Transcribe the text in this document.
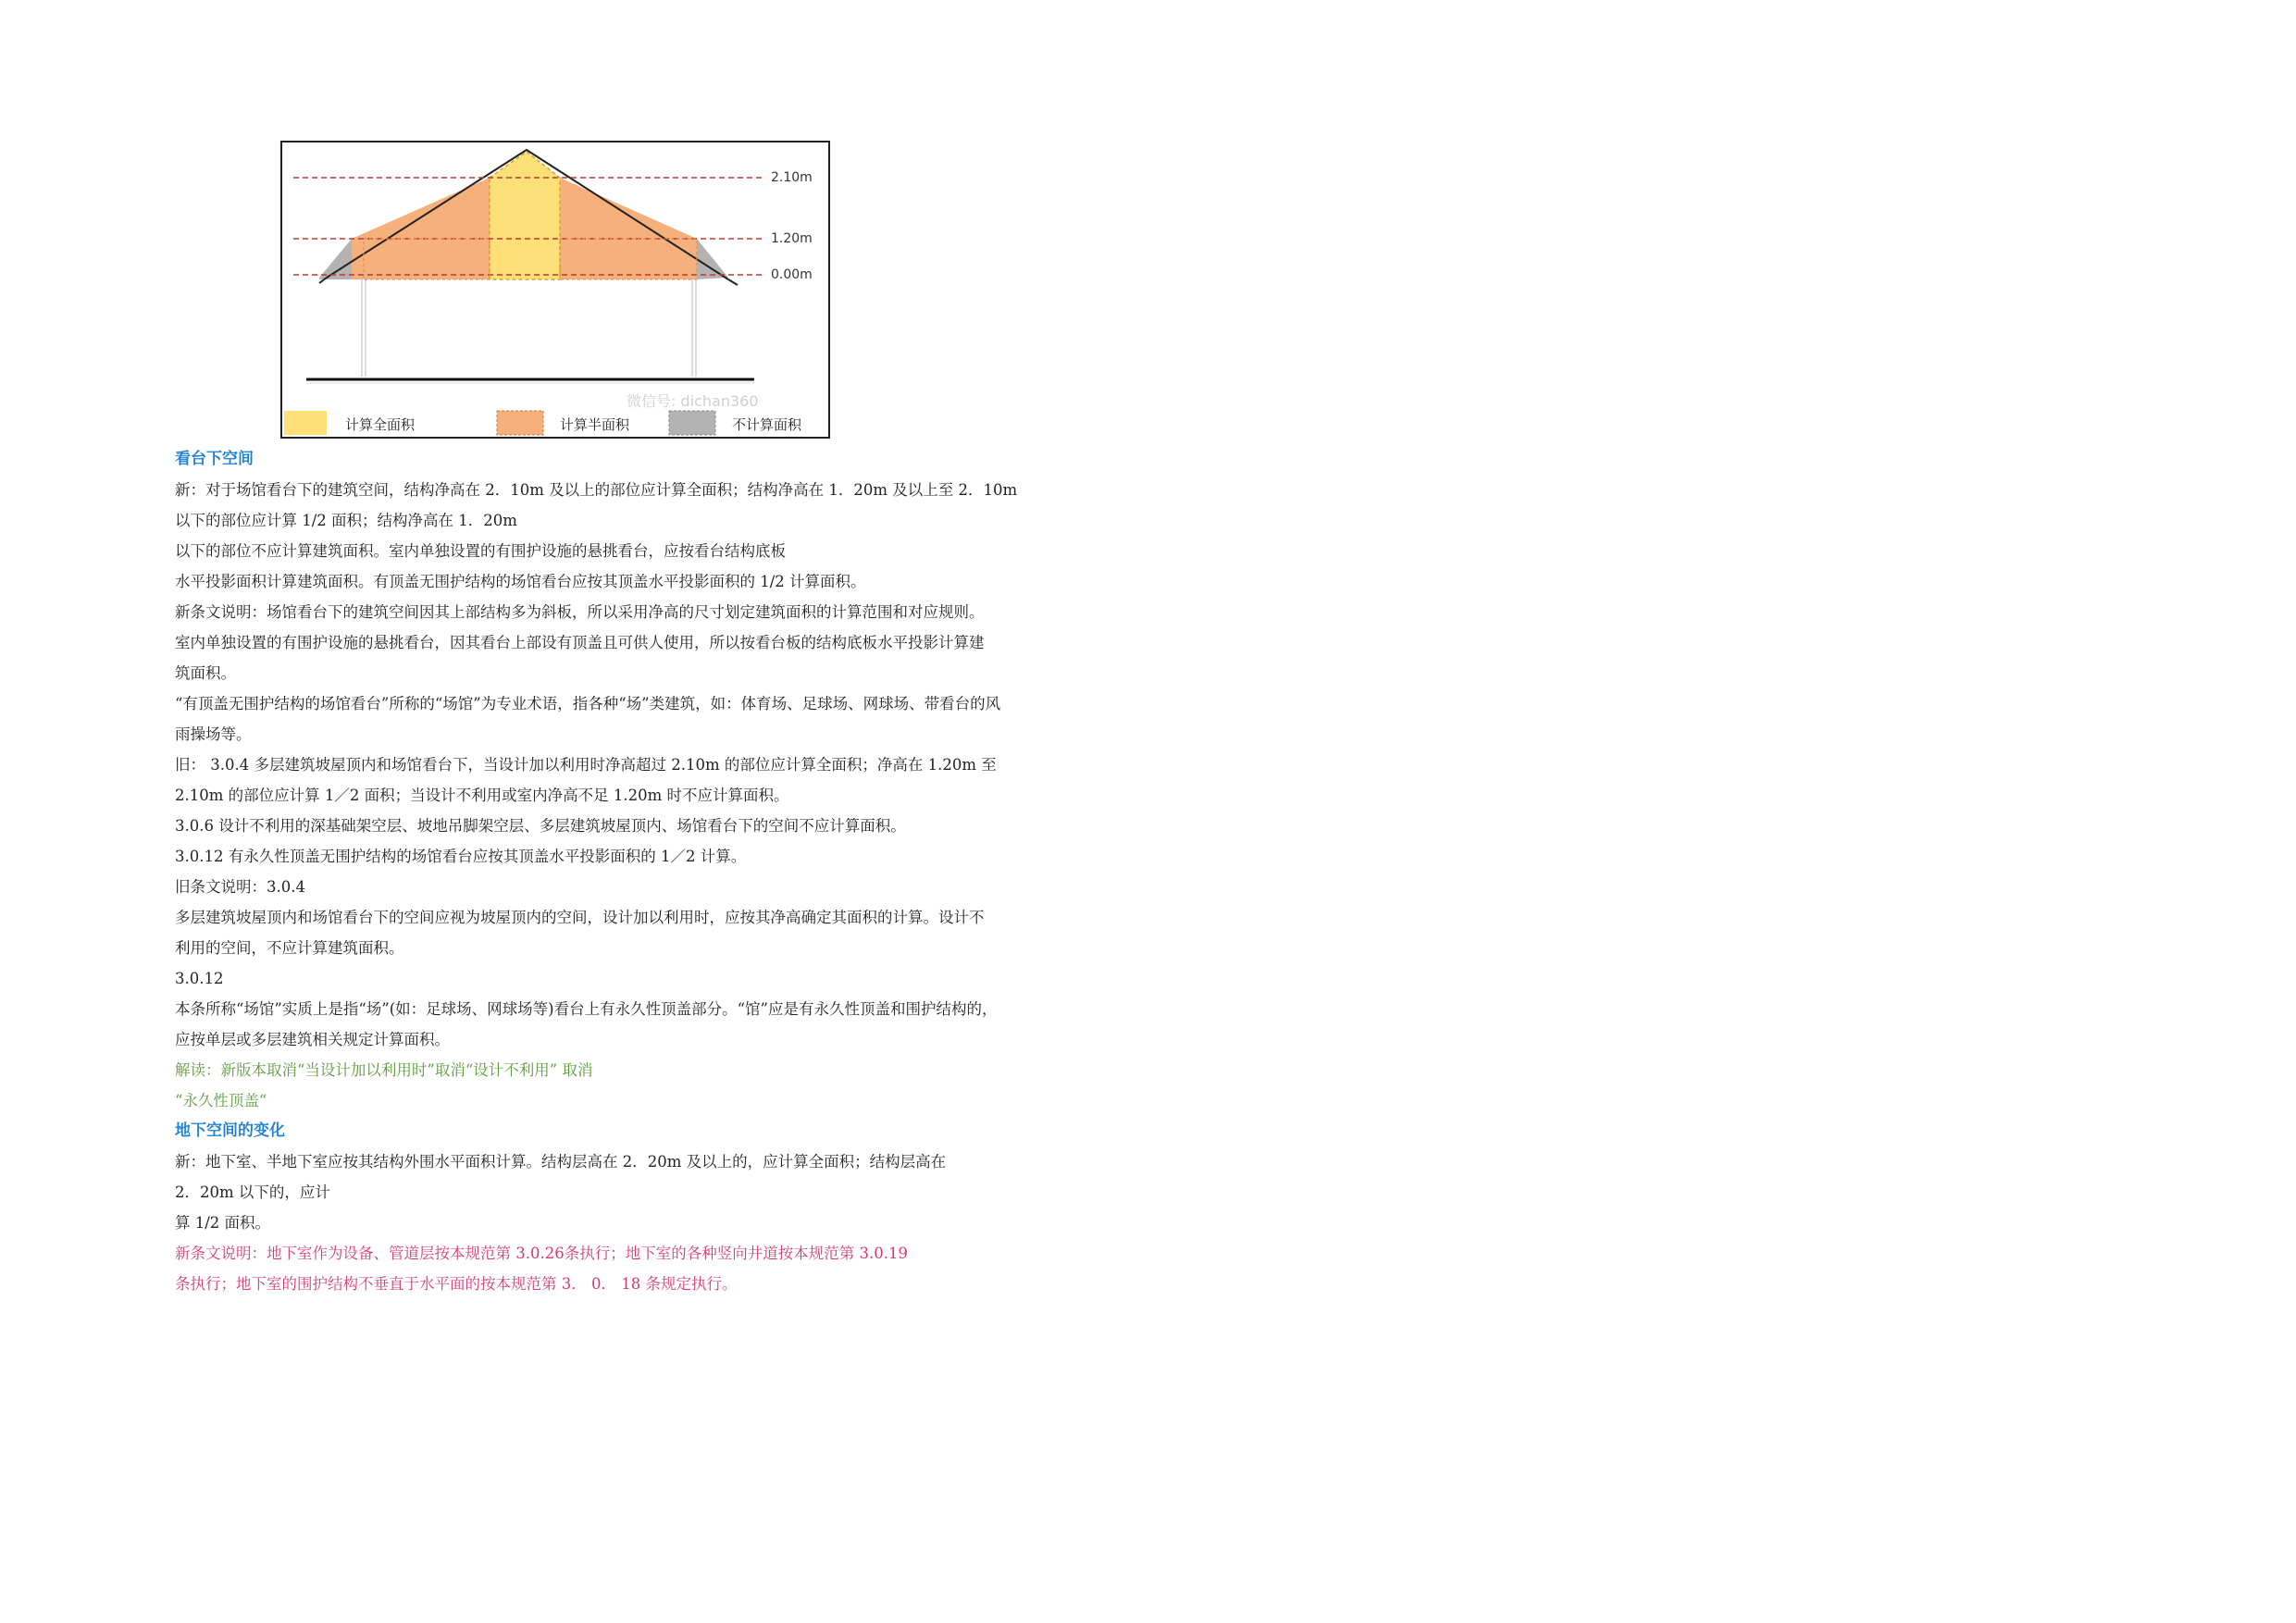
2.10m
1.20m
0.00m
微信号: dichan360
计算全面积	计算半面积	不计算面积
看台下空间
新：对于场馆看台下的建筑空间，结构净高在 2．10m 及以上的部位应计算全面积；结构净高在 1．20m 及以上至 2．10m
以下的部位应计算 1/2 面积；结构净高在 1．20m
以下的部位不应计算建筑面积。室内单独设置的有围护设施的悬挑看台，应按看台结构底板
水平投影面积计算建筑面积。有顶盖无围护结构的场馆看台应按其顶盖水平投影面积的 1/2 计算面积。
新条文说明：场馆看台下的建筑空间因其上部结构多为斜板，所以采用净高的尺寸划定建筑面积的计算范围和对应规则。
室内单独设置的有围护设施的悬挑看台，因其看台上部设有顶盖且可供人使用，所以按看台板的结构底板水平投影计算建
筑面积。
“有顶盖无围护结构的场馆看台”所称的“场馆”为专业术语，指各种“场”类建筑，如：体育场、足球场、网球场、带看台的风
雨操场等。
旧： 3.0.4 多层建筑坡屋顶内和场馆看台下，当设计加以利用时净高超过 2.10m 的部位应计算全面积；净高在 1.20m 至
2.10m 的部位应计算 1／2 面积；当设计不利用或室内净高不足 1.20m 时不应计算面积。
3.0.6 设计不利用的深基础架空层、坡地吊脚架空层、多层建筑坡屋顶内、场馆看台下的空间不应计算面积。
3.0.12 有永久性顶盖无围护结构的场馆看台应按其顶盖水平投影面积的 1／2 计算。
旧条文说明：3.0.4
多层建筑坡屋顶内和场馆看台下的空间应视为坡屋顶内的空间，设计加以利用时，应按其净高确定其面积的计算。设计不
利用的空间，不应计算建筑面积。
3.0.12
本条所称“场馆”实质上是指“场”(如：足球场、网球场等)看台上有永久性顶盖部分。“馆”应是有永久性顶盖和围护结构的，
应按单层或多层建筑相关规定计算面积。
解读：新版本取消“当设计加以利用时”取消“设计不利用” 取消
“永久性顶盖“
地下空间的变化
新：地下室、半地下室应按其结构外围水平面积计算。结构层高在 2．20m 及以上的，应计算全面积；结构层高在
2．20m 以下的，应计
算 1/2 面积。
新条文说明：地下室作为设备、管道层按本规范第 3.0.26条执行；地下室的各种竖向井道按本规范第 3.0.19
条执行；地下室的围护结构不垂直于水平面的按本规范第 3． 0． 18 条规定执行。
